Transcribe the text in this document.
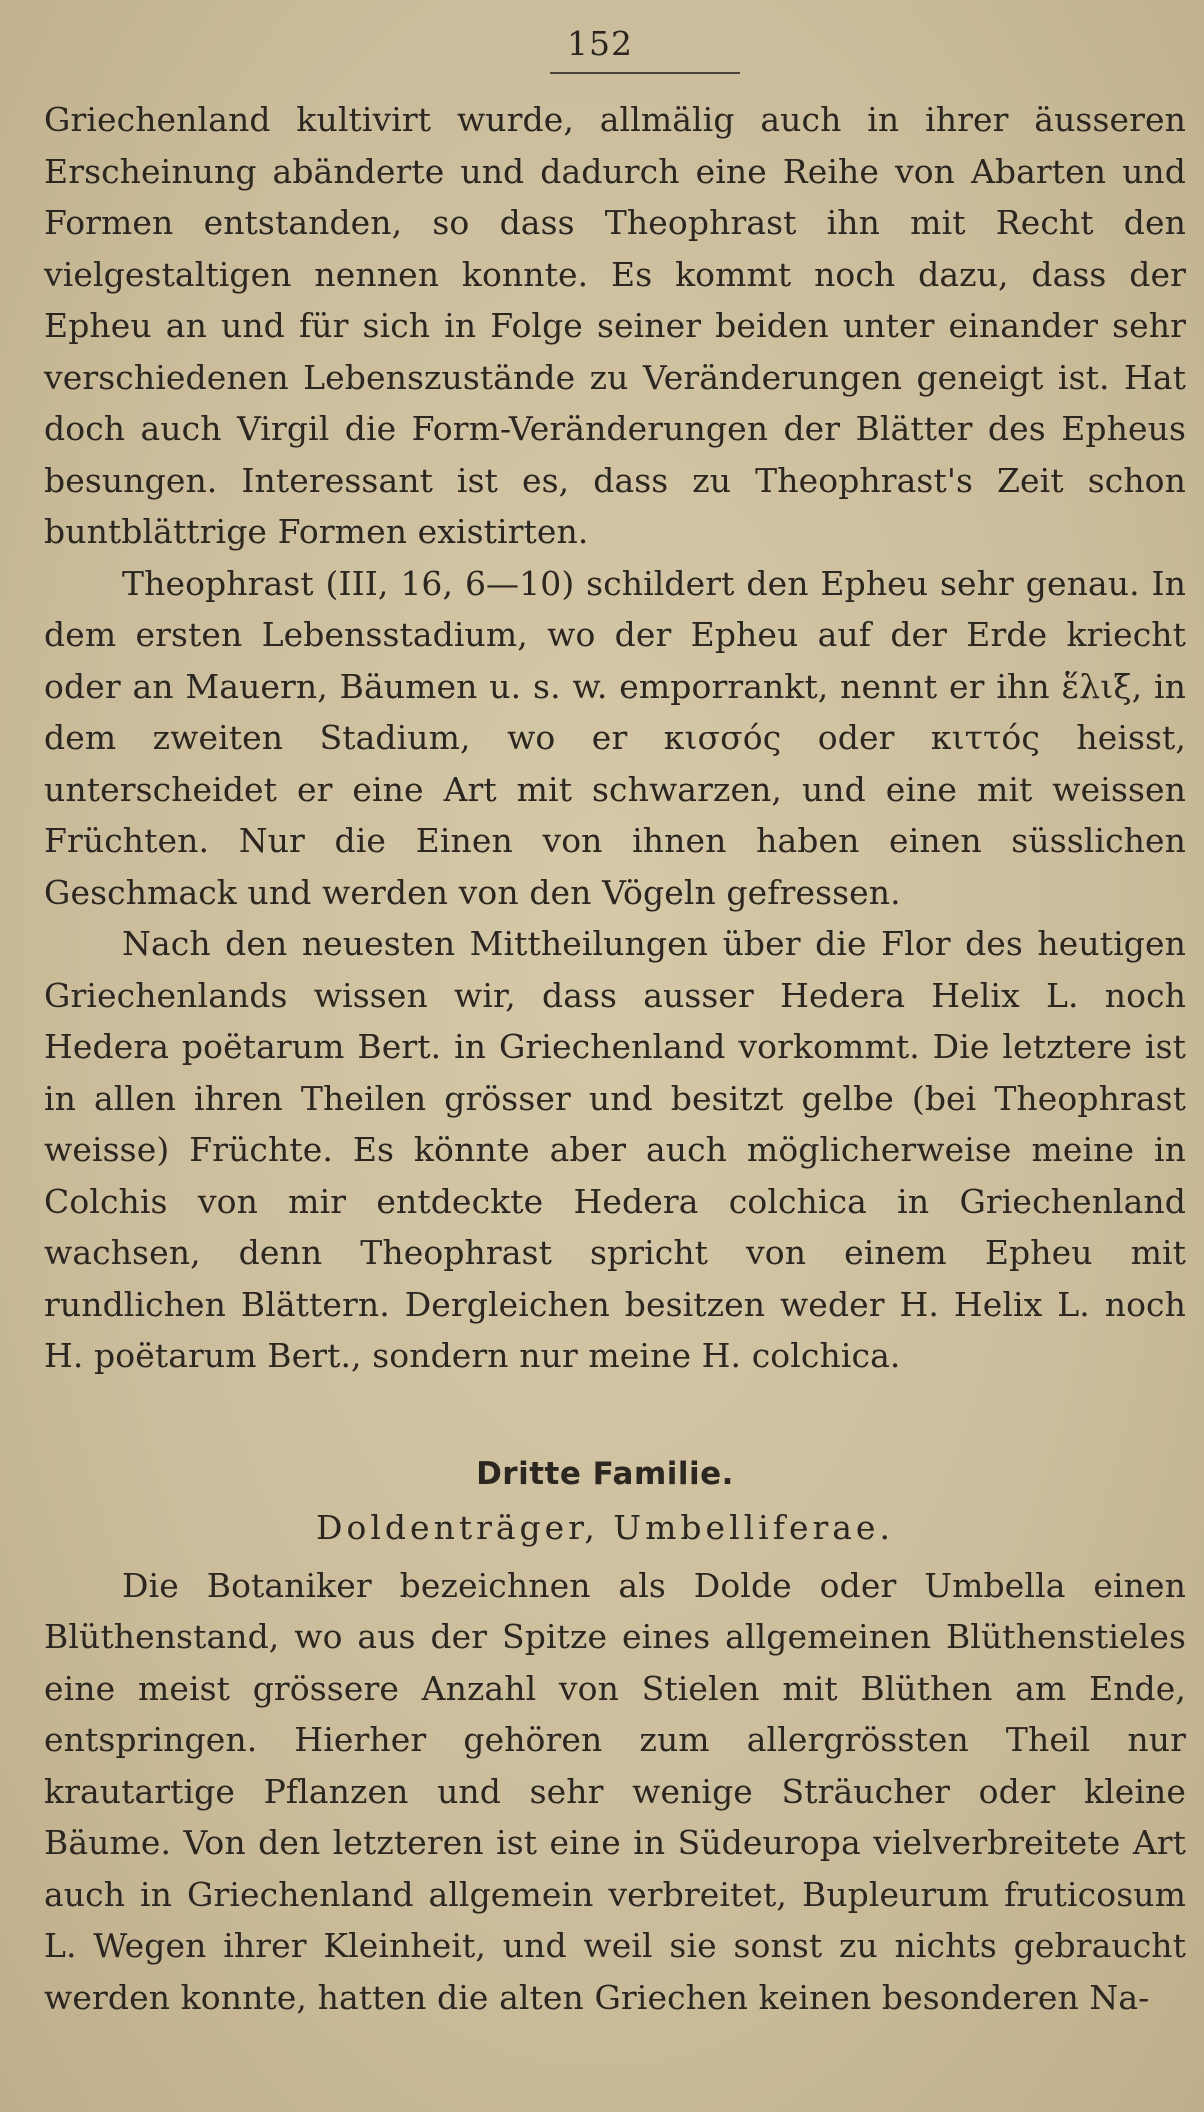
152

Griechenland kultivirt wurde, allmälig auch in ihrer äusseren Erscheinung abänderte und dadurch eine Reihe von Abarten und Formen entstanden, so dass Theophrast ihn mit Recht den vielgestaltigen nennen konnte. Es kommt noch dazu, dass der Epheu an und für sich in Folge seiner beiden unter einander sehr verschiedenen Lebenszustände zu Veränderungen geneigt ist. Hat doch auch Virgil die Form-Veränderungen der Blätter des Epheus besungen. Interessant ist es, dass zu Theophrast's Zeit schon buntblättrige Formen existirten.

Theophrast (III, 16, 6—10) schildert den Epheu sehr genau. In dem ersten Lebensstadium, wo der Epheu auf der Erde kriecht oder an Mauern, Bäumen u. s. w. emporrankt, nennt er ihn ἕλιξ, in dem zweiten Stadium, wo er κισσός oder κιττός heisst, unterscheidet er eine Art mit schwarzen, und eine mit weissen Früchten. Nur die Einen von ihnen haben einen süsslichen Geschmack und werden von den Vögeln gefressen.

Nach den neuesten Mittheilungen über die Flor des heutigen Griechenlands wissen wir, dass ausser Hedera Helix L. noch Hedera poëtarum Bert. in Griechenland vorkommt. Die letztere ist in allen ihren Theilen grösser und besitzt gelbe (bei Theophrast weisse) Früchte. Es könnte aber auch möglicherweise meine in Colchis von mir entdeckte Hedera colchica in Griechenland wachsen, denn Theophrast spricht von einem Epheu mit rundlichen Blättern. Dergleichen besitzen weder H. Helix L. noch H. poëtarum Bert., sondern nur meine H. colchica.

Dritte Familie.
Doldenträger, Umbelliferae.

Die Botaniker bezeichnen als Dolde oder Umbella einen Blüthenstand, wo aus der Spitze eines allgemeinen Blüthenstieles eine meist grössere Anzahl von Stielen mit Blüthen am Ende, entspringen. Hierher gehören zum allergrössten Theil nur krautartige Pflanzen und sehr wenige Sträucher oder kleine Bäume. Von den letzteren ist eine in Südeuropa vielverbreitete Art auch in Griechenland allgemein verbreitet, Bupleurum fruticosum L. Wegen ihrer Kleinheit, und weil sie sonst zu nichts gebraucht werden konnte, hatten die alten Griechen keinen besonderen Na-
